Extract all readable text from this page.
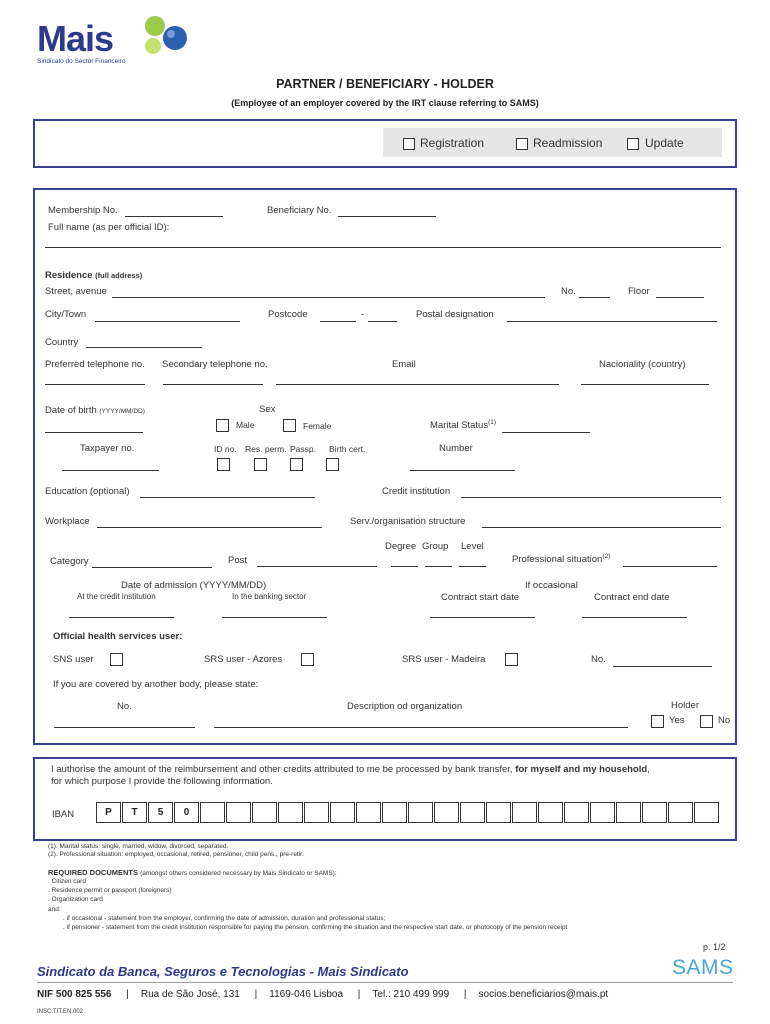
Mais
Sindicato do Sector Financeiro
PARTNER / BENEFICIARY - HOLDER
(Employee of an employer covered by the IRT clause referring to SAMS)
Registration	Readmission	Update
Membership No.	Beneficiary No.
Full name (as per official ID):
Residence (full address)
Street, avenue	No.	Floor
City/Town	Postcode	-	Postal designation
Country
Preferred telephone no. Secondary telephone no.	Email	Nacionality (country)
Date of birth (YYYY/MM/DD)	Sex
Male	Female	Marital Status$^{(1)}$
Taxpayer no.	ID no. Res. perm. Passp. Birth cert.	Number
Education (optional)	Credit institution
Workplace	Serv./organisation structure
Degree Group Level
Category	Post	Professional situation$^{(2)}$
Date of admission (YYYY/MM/DD)
At the credit institution	In the banking sector
If occasional
Contract start date	Contract end date
Official health services user:
SNS user	SRS user - Azores	SRS user - Madeira	No.
If you are covered by another body, please state:
No.	Description od organization	Holder
Yes	No
I authorise the amount of the reimbursement and other credits attributed to me be processed by bank transfer, for myself and my household,
for which purpose I provide the following information.
IBAN	P T 5 0
(1). Marital status: single, married, widow, divorced, separated.
(2). Professional situation: employed, occasional, retired, pensioner, child pens., pre-retir.
REQUIRED DOCUMENTS (amongst others considered necessary by Mais Sindicato or SAMS):
. Citizen card
. Residence permit or passport (foreigners)
. Organization card
and:
. if occasional - statement from the employer, confirming the date of admission, duration and professional status;
. if pensioner - statement from the credit institution responsible for paying the pension, confirming the situation and the respective start date, or photocopy of the pension receipt
p. 1/2
Sindicato da Banca, Seguros e Tecnologias - Mais Sindicato	SAMS
NIF 500 825 556 | Rua de São José, 131 | 1169-046 Lisboa | Tel.: 210 499 999 | socios.beneficiarios@mais.pt
INSC.TIT.EN.002
